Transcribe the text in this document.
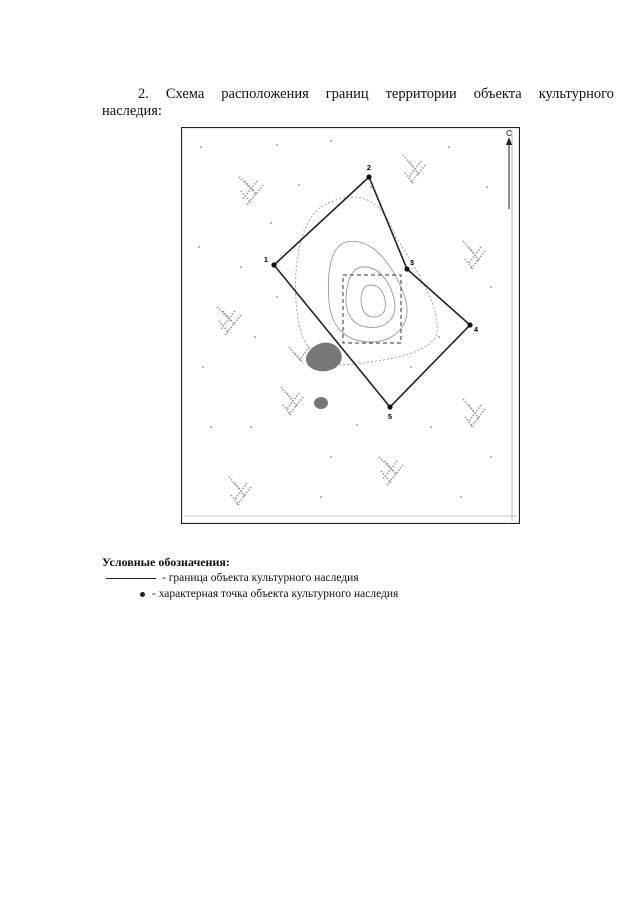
2. Схема расположения границ территории объекта культурного
наследия:
С
1
2
3
4
5
Условные обозначения:
- граница объекта культурного наследия
- характерная точка объекта культурного наследия
